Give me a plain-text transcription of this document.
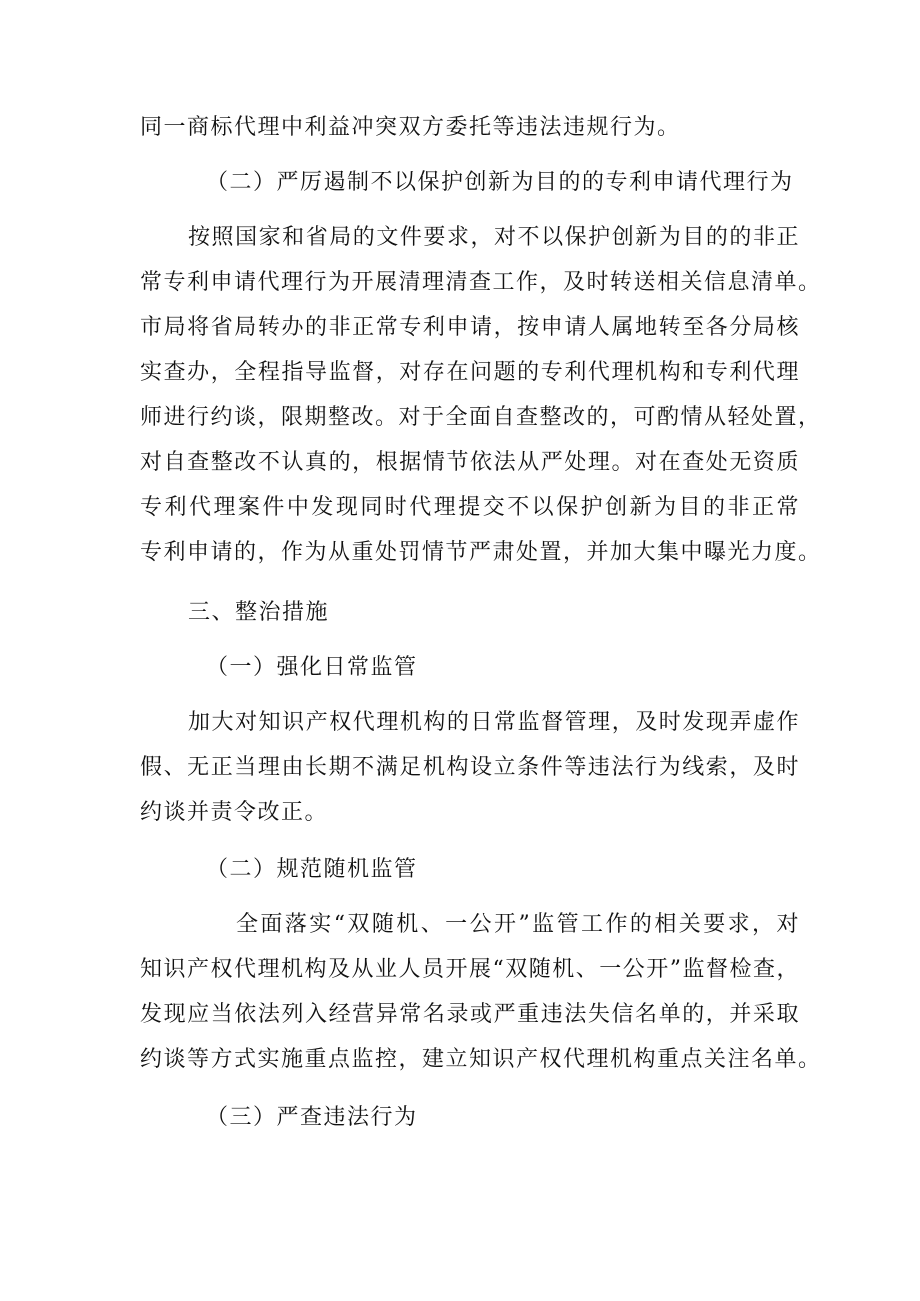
同一商标代理中利益冲突双方委托等违法违规行为。
（二）严厉遏制不以保护创新为目的的专利申请代理行为
按照国家和省局的文件要求，对不以保护创新为目的的非正
常专利申请代理行为开展清理清查工作，及时转送相关信息清单。
市局将省局转办的非正常专利申请，按申请人属地转至各分局核
实查办，全程指导监督，对存在问题的专利代理机构和专利代理
师进行约谈，限期整改。对于全面自查整改的，可酌情从轻处置，
对自查整改不认真的，根据情节依法从严处理。对在查处无资质
专利代理案件中发现同时代理提交不以保护创新为目的非正常
专利申请的，作为从重处罚情节严肃处置，并加大集中曝光力度。
三、整治措施
（一）强化日常监管
加大对知识产权代理机构的日常监督管理，及时发现弄虚作
假、无正当理由长期不满足机构设立条件等违法行为线索，及时
约谈并责令改正。
（二）规范随机监管
全面落实“双随机、一公开”监管工作的相关要求，对
知识产权代理机构及从业人员开展“双随机、一公开”监督检查，
发现应当依法列入经营异常名录或严重违法失信名单的，并采取
约谈等方式实施重点监控，建立知识产权代理机构重点关注名单。
（三）严查违法行为
